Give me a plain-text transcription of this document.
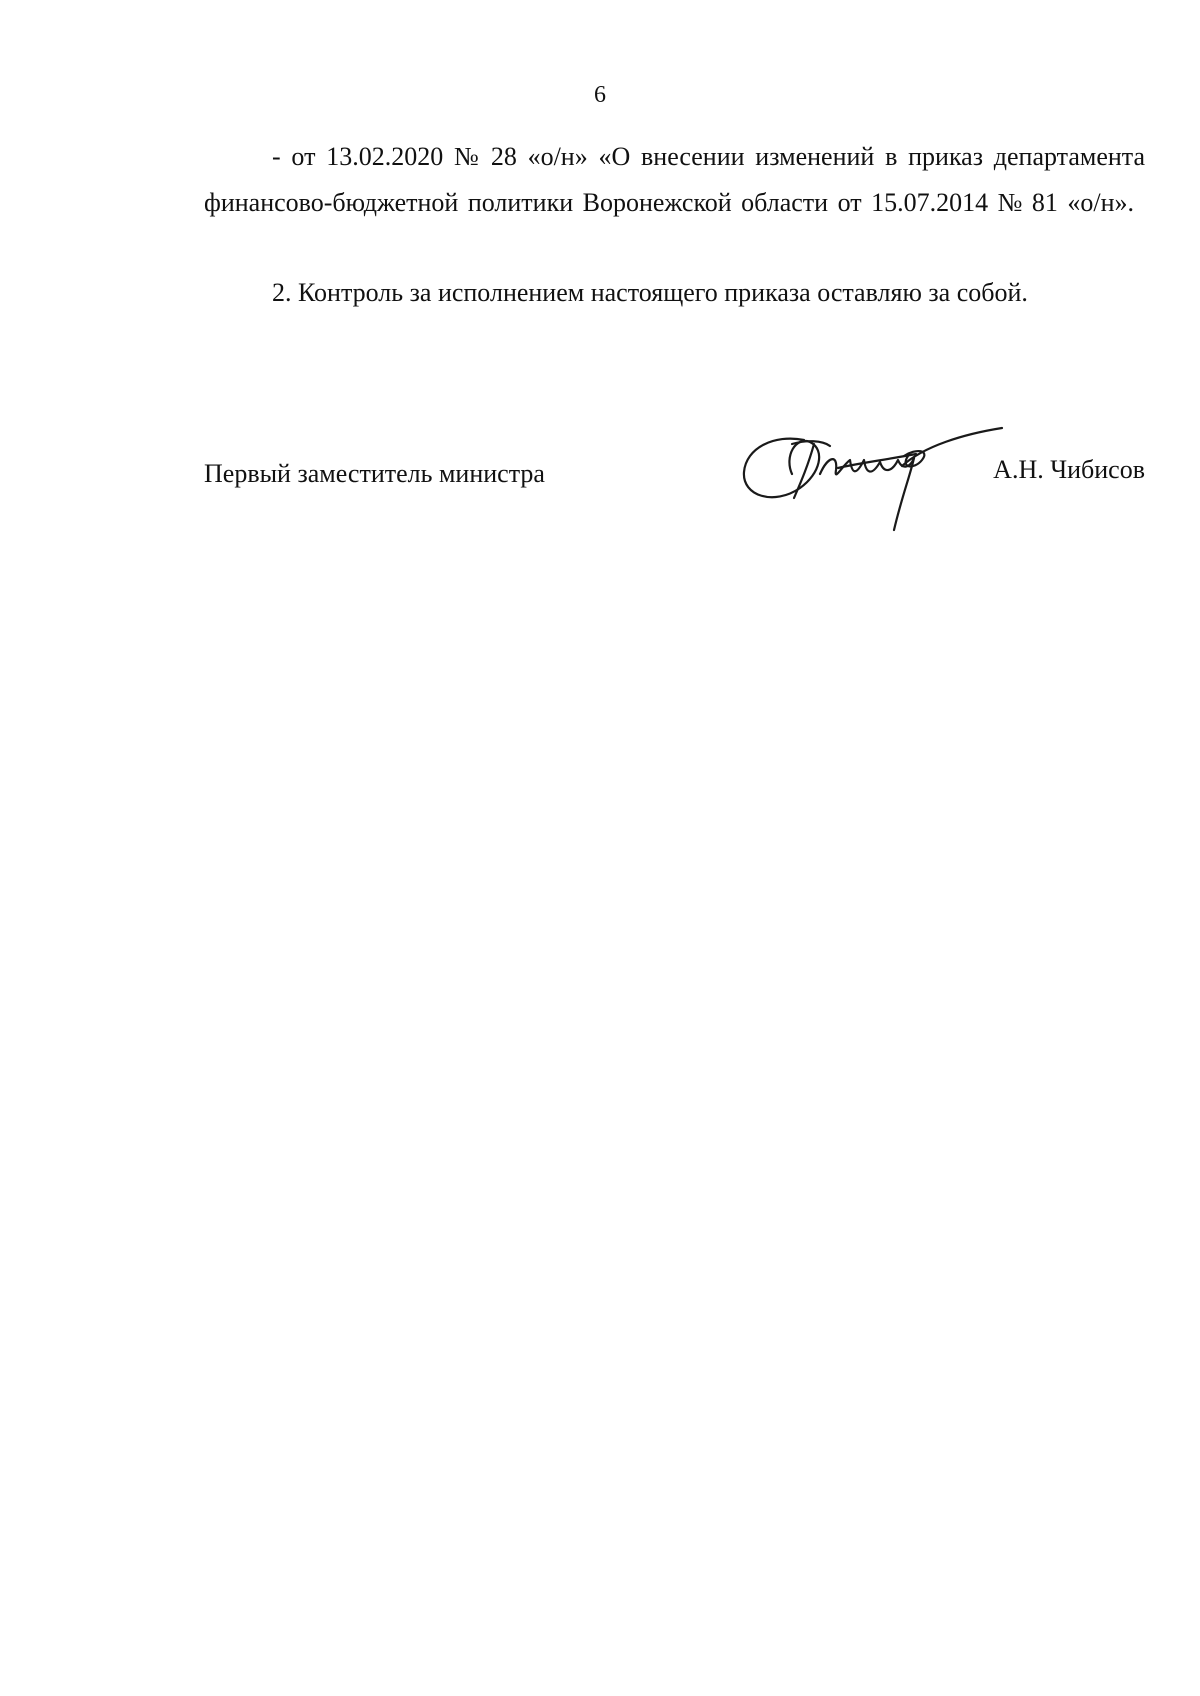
6

- от 13.02.2020 № 28 «о/н» «О внесении изменений в приказ департамента финансово-бюджетной политики Воронежской области от 15.07.2014 № 81 «о/н».

2. Контроль за исполнением настоящего приказа оставляю за собой.

Первый заместитель министра	А.Н. Чибисов
